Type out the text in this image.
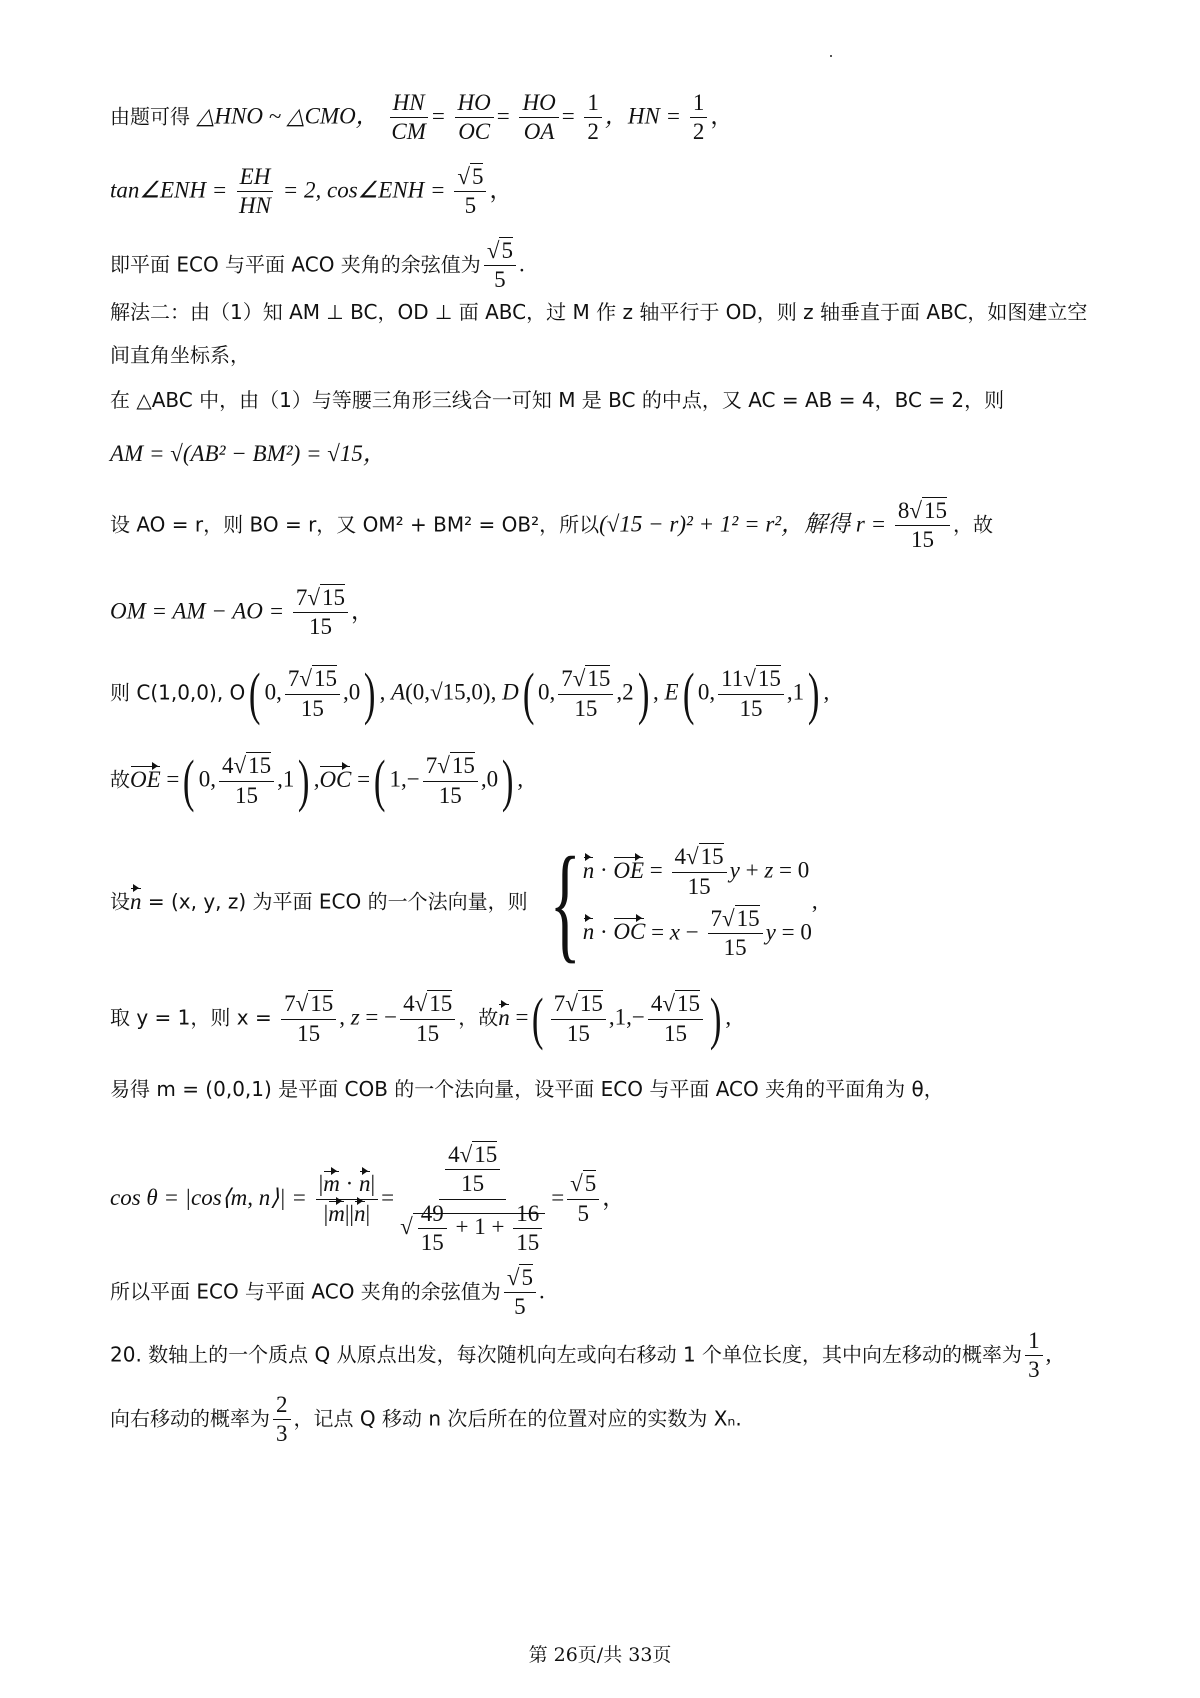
由题可得 △HNO ~ △CMO， $\frac{HN}{CM} = \frac{HO}{OC} = \frac{HO}{OA} = \frac{1}{2}$ ，HN = $\frac{1}{2}$ ，
tan∠ENH = $\frac{EH}{HN} = 2$, cos∠ENH = $\frac{√5}{5}$ ，
即平面 ECO 与平面 ACO 夹角的余弦值为 $\frac{√5}{5}$ .
解法二：由（1）知 AM ⊥ BC，OD ⊥ 面 ABC，过 M 作 z 轴平行于 OD，则 z 轴垂直于面 ABC，如图建立空
间直角坐标系，
在 △ABC 中，由（1）与等腰三角形三线合一可知 M 是 BC 的中点，又 AC = AB = 4，BC = 2，则
AM = √(AB² − BM²) = √15，
设 AO = r，则 BO = r，又 OM² + BM² = OB²，所以(√15 − r)² + 1² = r²，解得 $r = \frac{8√15}{15}$ ，故
OM = AM − AO = $\frac{7√15}{15}$ ，
则 C(1,0,0), O( 0, $\frac{7√15}{15} ,0$) , A(0,√15,0), D( 0, $\frac{7√15}{15} ,2$) , E( 0, $\frac{11√15}{15} ,1$) ,
故OE =( 0, $\frac{4√15}{15} ,1$) ,OC =( $1,- \frac{7√15}{15} ,0$) ,
设n = (x, y, z) 为平面 ECO 的一个法向量，则 { n · OE = $\frac{4√15}{15}$ y + z = 0
n · OC = $x - \frac{7√15}{15}$ y = 0
,
取 y = 1，则 $x = \frac{7√15}{15}$ , z = − $\frac{4√15}{15}$ ，故n =( $\frac{7√15}{15} ,1,- \frac{4√15}{15}$ ) ,
易得 m = (0,0,1) 是平面 COB 的一个法向量，设平面 ECO 与平面 ACO 夹角的平面角为 θ，
cos θ = |cos⟨m, n⟩| = $\frac{|m \cdot n|}{|m||n|} = \frac{\frac{4√15}{15}}{√ \frac{49}{15} + 1 + \frac{16}{15}} = \frac{√5}{5}$ ，
所以平面 ECO 与平面 ACO 夹角的余弦值为 $\frac{√5}{5}$ .
20. 数轴上的一个质点 Q 从原点出发，每次随机向左或向右移动 1 个单位长度，其中向左移动的概率为 $\frac{1}{3}$ ,
向右移动的概率为 $\frac{2}{3}$ ，记点 Q 移动 n 次后所在的位置对应的实数为 Xₙ.
第 26页/共 33页
